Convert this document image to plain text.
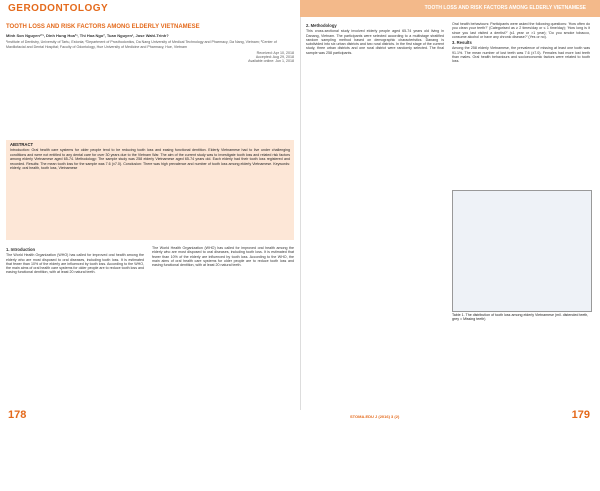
GERODONTOLOGY	TOOTH LOSS AND RISK FACTORS AMONG ELDERLY VIETNAMESE
TOOTH LOSS AND RISK FACTORS AMONG ELDERLY VIETNAMESE
Minh Son Nguyen¹²³, Dinh Hung Hoa²³, Thi Hoa Ngo², Tuan Nguyen¹, Jose Wahl-Trinh?
¹Institute of Dentistry, University of Tartu, Estonia; ²Department of Prosthodontics, Da Nang University of Medical Technology and Pharmacy, Da Nang, Vietnam; ³Center of Maxillofacial and Dental Hospital; Faculty of Odontology, Hue University of Medicine and Pharmacy, Hue, Vietnam
Received: Apr 10, 2018
Accepted: Aug 29, 2018
Available online: Jun 1, 2018
ABSTRACT
Introduction: Oral health care systems for older people tend to be reducing tooth loss and easing functional dentition. Elderly Vietnamese had to live under challenging conditions and were not entitled to any dental care for over 30 years due to the Vietnam War. The aim of the current study was to investigate tooth loss and related risk factors among elderly Vietnamese aged 65-74. Methodology: The sample study was 258 elderly Vietnamese aged 65-74 years old. Each elderly had their tooth loss registered and recorded. Results: The mean tooth loss for the sample was 7.6 (±7.0). Conclusion: There was high prevalence and number of tooth loss among elderly Vietnamese. Keywords: elderly, oral health, tooth loss, Vietnamese
1. Introduction

The World Health Organization (WHO) has called for improved oral health among the elderly who are most disposed to oral diseases, including tooth loss. It is estimated that fewer than 10% of the elderly are influenced by tooth loss. According to the WHO, the main aims of oral health care systems for older people are to reduce tooth loss and easing functional dentition, with at least 20 natural teeth.

The World Health Organization (WHO) has called for improved oral health among the elderly who are most disposed to oral diseases, including tooth loss. It is estimated that fewer than 10% of the elderly are influenced by tooth loss. According to the WHO, the main aims of oral health care systems for older people are to reduce tooth loss and easing functional dentition, with at least 20 natural teeth.

2. Methodology

This cross-sectional study involved elderly people aged 65-74 years old living in Danang, Vietnam. The participants were selected according to a multistage stratified random sampling method based on demographic characteristics. Danang is subdivided into six urban districts and two rural districts. In the first stage of the current study, three urban districts and one rural district were randomly selected. The final sample was 258 participants.

Oral health behaviours: Participants were asked the following questions: 'How often do you clean your teeth?' (Categorised as ≥ 2 times/day or ≤ 1 time/day); 'How long is it since you last visited a dentist?' (≤1 year or >1 year); 'Do you smoke tobacco, consume alcohol or have any chronic disease?' (Yes or no).

3. Results

Among the 258 elderly Vietnamese, the prevalence of missing at least one tooth was 91.1%. The mean number of lost teeth was 7.6 (±7.0). Females had more lost teeth than males. Oral health behaviours and socioeconomic factors were related to tooth loss.

Table 1. The distribution of tooth loss among elderly Vietnamese (mil. distended teeth, grey = Missing teeth)
178	179
STOMA.EDU J (2016) 3 (2)
